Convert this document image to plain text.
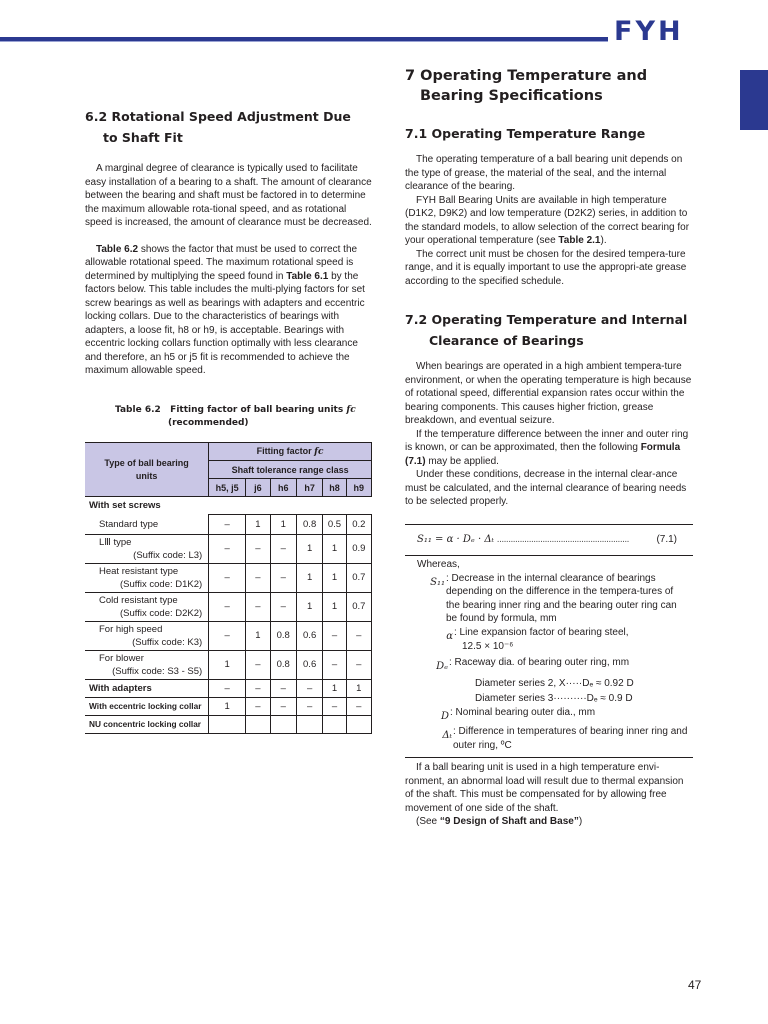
FYH
6.2 Rotational Speed Adjustment Due
to Shaft Fit

A marginal degree of clearance is typically used to facilitate easy installation of a bearing to a shaft. The amount of clearance between the bearing and shaft must be factored in to determine the maximum allowable rota-tional speed, and as rotational speed is increased, the amount of clearance must be decreased.

Table 6.2 shows the factor that must be used to correct the allowable rotational speed. The maximum rotational speed is determined by multiplying the speed found in Table 6.1 by the factors below. This table includes the multi-plying factors for set screw bearings as well as bearings with adapters and eccentric locking collars. Due to the characteristics of bearings with adapters, a loose fit, h8 or h9, is acceptable. Bearings with eccentric locking collars function optimally with less clearance and therefore, an h5 or j5 fit is recommended to achieve the maximum allowable speed.

Table 6.2 Fitting factor of ball bearing units fc
(recommended)
Type of ball bearing units	Fitting factor fc					
	Shaft tolerance range class					
	h5, j5	j6	h6	h7	h8	h9
With set screws						
Standard type	–	1	1	0.8	0.5	0.2

LⅢ type
(Suffix code: L3)	–	–	–	1	1	0.9

Heat resistant type
(Suffix code: D1K2)	–	–	–	1	1	0.7

Cold resistant type
(Suffix code: D2K2)	–	–	–	1	1	0.7

For high speed
(Suffix code: K3)	–	1	0.8	0.6	–	–

For blower
(Suffix code: S3 - S5)	1	–	0.8	0.6	–	–
With adapters	–	–	–	–	1	1
With eccentric locking collar	1	–	–	–	–	–
NU concentric locking collar						
7 Operating Temperature and
Bearing Specifications
7.1 Operating Temperature Range

The operating temperature of a ball bearing unit depends on the type of grease, the material of the seal, and the internal clearance of the bearing.

FYH Ball Bearing Units are available in high temperature (D1K2, D9K2) and low temperature (D2K2) series, in addition to the standard models, to allow selection of the correct bearing for your operational temperature (see Table 2.1).

The correct unit must be chosen for the desired tempera-ture range, and it is equally important to use the appropri-ate grease according to the specified schedule.

7.2 Operating Temperature and Internal
Clearance of Bearings

When bearings are operated in a high ambient tempera-ture environment, or when the operating temperature is high because of rotational speed, differential expansion rates occur within the bearing components. This causes higher friction, grease breakdown, and eventual seizure.

If the temperature difference between the inner and outer ring is known, or can be approximated, then the following Formula (7.1) may be applied.

Under these conditions, decrease in the internal clear-ance must be calculated, and the internal clearance of bearing needs to be selected properly.

S₁₁ = α · Dₑ · Δₜ ..........................................................	(7.1)

Whereas,

S₁₁ : Decrease in the internal clearance of bearings depending on the difference in the tempera-tures of the bearing inner ring and the bearing outer ring can be found by formula, mm

α : Line expansion factor of bearing steel,

12.5 × 10⁻⁶

Dₑ : Raceway dia. of bearing outer ring, mm

Diameter series 2, X·····Dₑ ≈ 0.92 D

Diameter series 3··········Dₑ ≈ 0.9 D

D : Nominal bearing outer dia., mm

Δₜ : Difference in temperatures of bearing inner ring and outer ring, ºC

If a ball bearing unit is used in a high temperature envi-ronment, an abnormal load will result due to thermal expansion of the shaft. This must be compensated for by allowing free movement of one side of the shaft.

(See “9 Design of Shaft and Base”)

47
